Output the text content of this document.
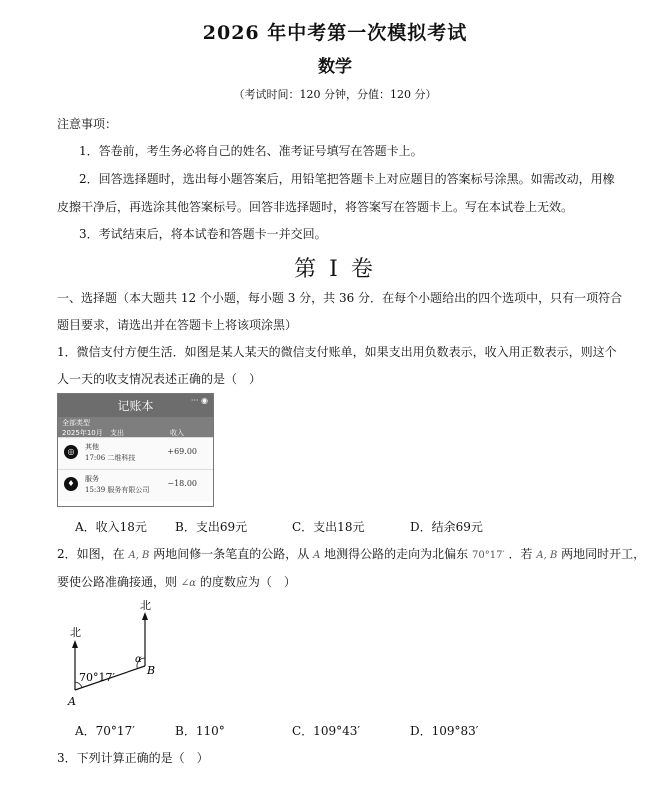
2026 年中考第一次模拟考试
数学
（考试时间：120 分钟，分值：120 分）
注意事项：
1．答卷前，考生务必将自己的姓名、准考证号填写在答题卡上。
2．回答选择题时，选出每小题答案后，用铅笔把答题卡上对应题目的答案标号涂黑。如需改动，用橡
皮擦干净后，再选涂其他答案标号。回答非选择题时，将答案写在答题卡上。写在本试卷上无效。
3．考试结束后，将本试卷和答题卡一并交回。
第 I 卷
一、选择题（本大题共 12 个小题，每小题 3 分，共 36 分．在每个小题给出的四个选项中，只有一项符合
题目要求，请选出并在答题卡上将该项涂黑）
1．微信支付方便生活．如图是某人某天的微信支付账单，如果支出用负数表示，收入用正数表示，则这个
人一天的收支情况表述正确的是（　）
记账本	··· ◉
全部类型
2025年10月 支出	收入
◎	其他
17:06 二维科技
+69.00
♦	服务
15:39 服务有限公司
−18.00
A．收入18元 B．支出69元	C．支出18元	D．结余69元
2．如图，在 A, B 两地间修一条笔直的公路，从 A 地测得公路的走向为北偏东 70°17′ ．若 A, B 两地同时开工，
要使公路准确接通，则 ∠α 的度数应为（　）
北
北
70°17′
α
B
A
A．70°17′	B．110°	C．109°43′	D．109°83′
3．下列计算正确的是（　）
